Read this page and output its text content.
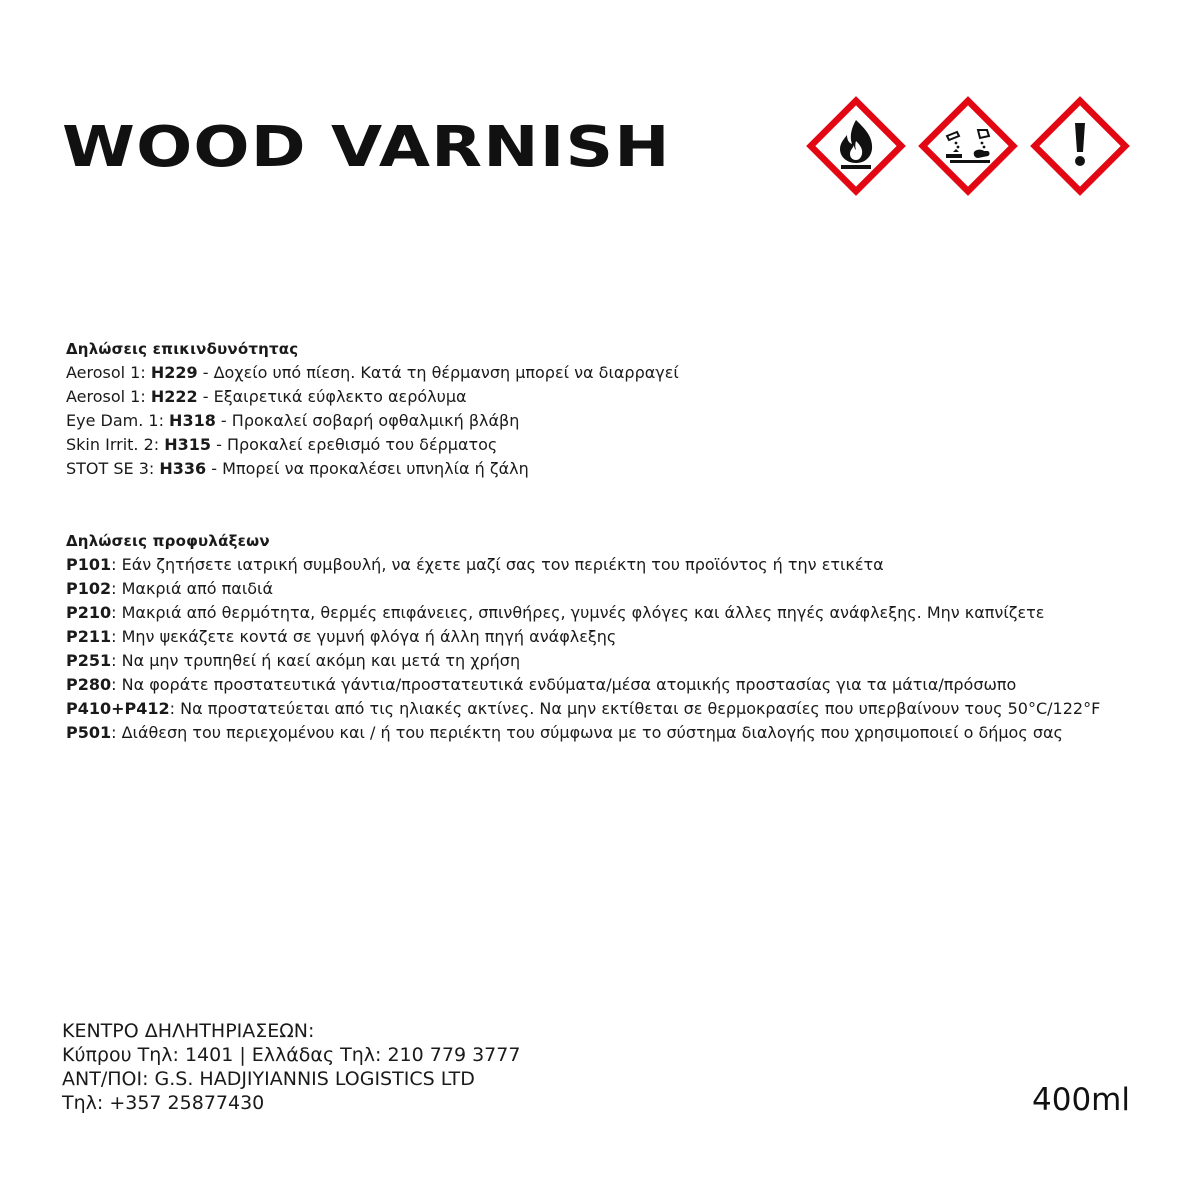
WOOD VARNISH
Δηλώσεις επικινδυνότητας
Aerosol 1: H229 - Δοχείο υπό πίεση. Κατά τη θέρμανση μπορεί να διαρραγεί
Aerosol 1: H222 - Εξαιρετικά εύφλεκτο αερόλυμα
Eye Dam. 1: H318 - Προκαλεί σοβαρή οφθαλμική βλάβη
Skin Irrit. 2: H315 - Προκαλεί ερεθισμό του δέρματος
STOT SE 3: H336 - Μπορεί να προκαλέσει υπνηλία ή ζάλη
Δηλώσεις προφυλάξεων
P101: Εάν ζητήσετε ιατρική συμβουλή, να έχετε μαζί σας τον περιέκτη του προϊόντος ή την ετικέτα
P102: Μακριά από παιδιά
P210: Μακριά από θερμότητα, θερμές επιφάνειες, σπινθήρες, γυμνές φλόγες και άλλες πηγές ανάφλεξης. Μην καπνίζετε
P211: Μην ψεκάζετε κοντά σε γυμνή φλόγα ή άλλη πηγή ανάφλεξης
P251: Να μην τρυπηθεί ή καεί ακόμη και μετά τη χρήση
P280: Να φοράτε προστατευτικά γάντια/προστατευτικά ενδύματα/μέσα ατομικής προστασίας για τα μάτια/πρόσωπο
P410+P412: Να προστατεύεται από τις ηλιακές ακτίνες. Να μην εκτίθεται σε θερμοκρασίες που υπερβαίνουν τους 50°C/122°F
P501: Διάθεση του περιεχομένου και / ή του περιέκτη του σύμφωνα με το σύστημα διαλογής που χρησιμοποιεί ο δήμος σας
ΚΕΝΤΡΟ ΔΗΛΗΤΗΡΙΑΣΕΩΝ:
Κύπρου Τηλ: 1401 | Ελλάδας Τηλ: 210 779 3777
ΑΝΤ/ΠΟΙ: G.S. HADJIYIANNIS LOGISTICS LTD
Τηλ: +357 25877430	400ml
